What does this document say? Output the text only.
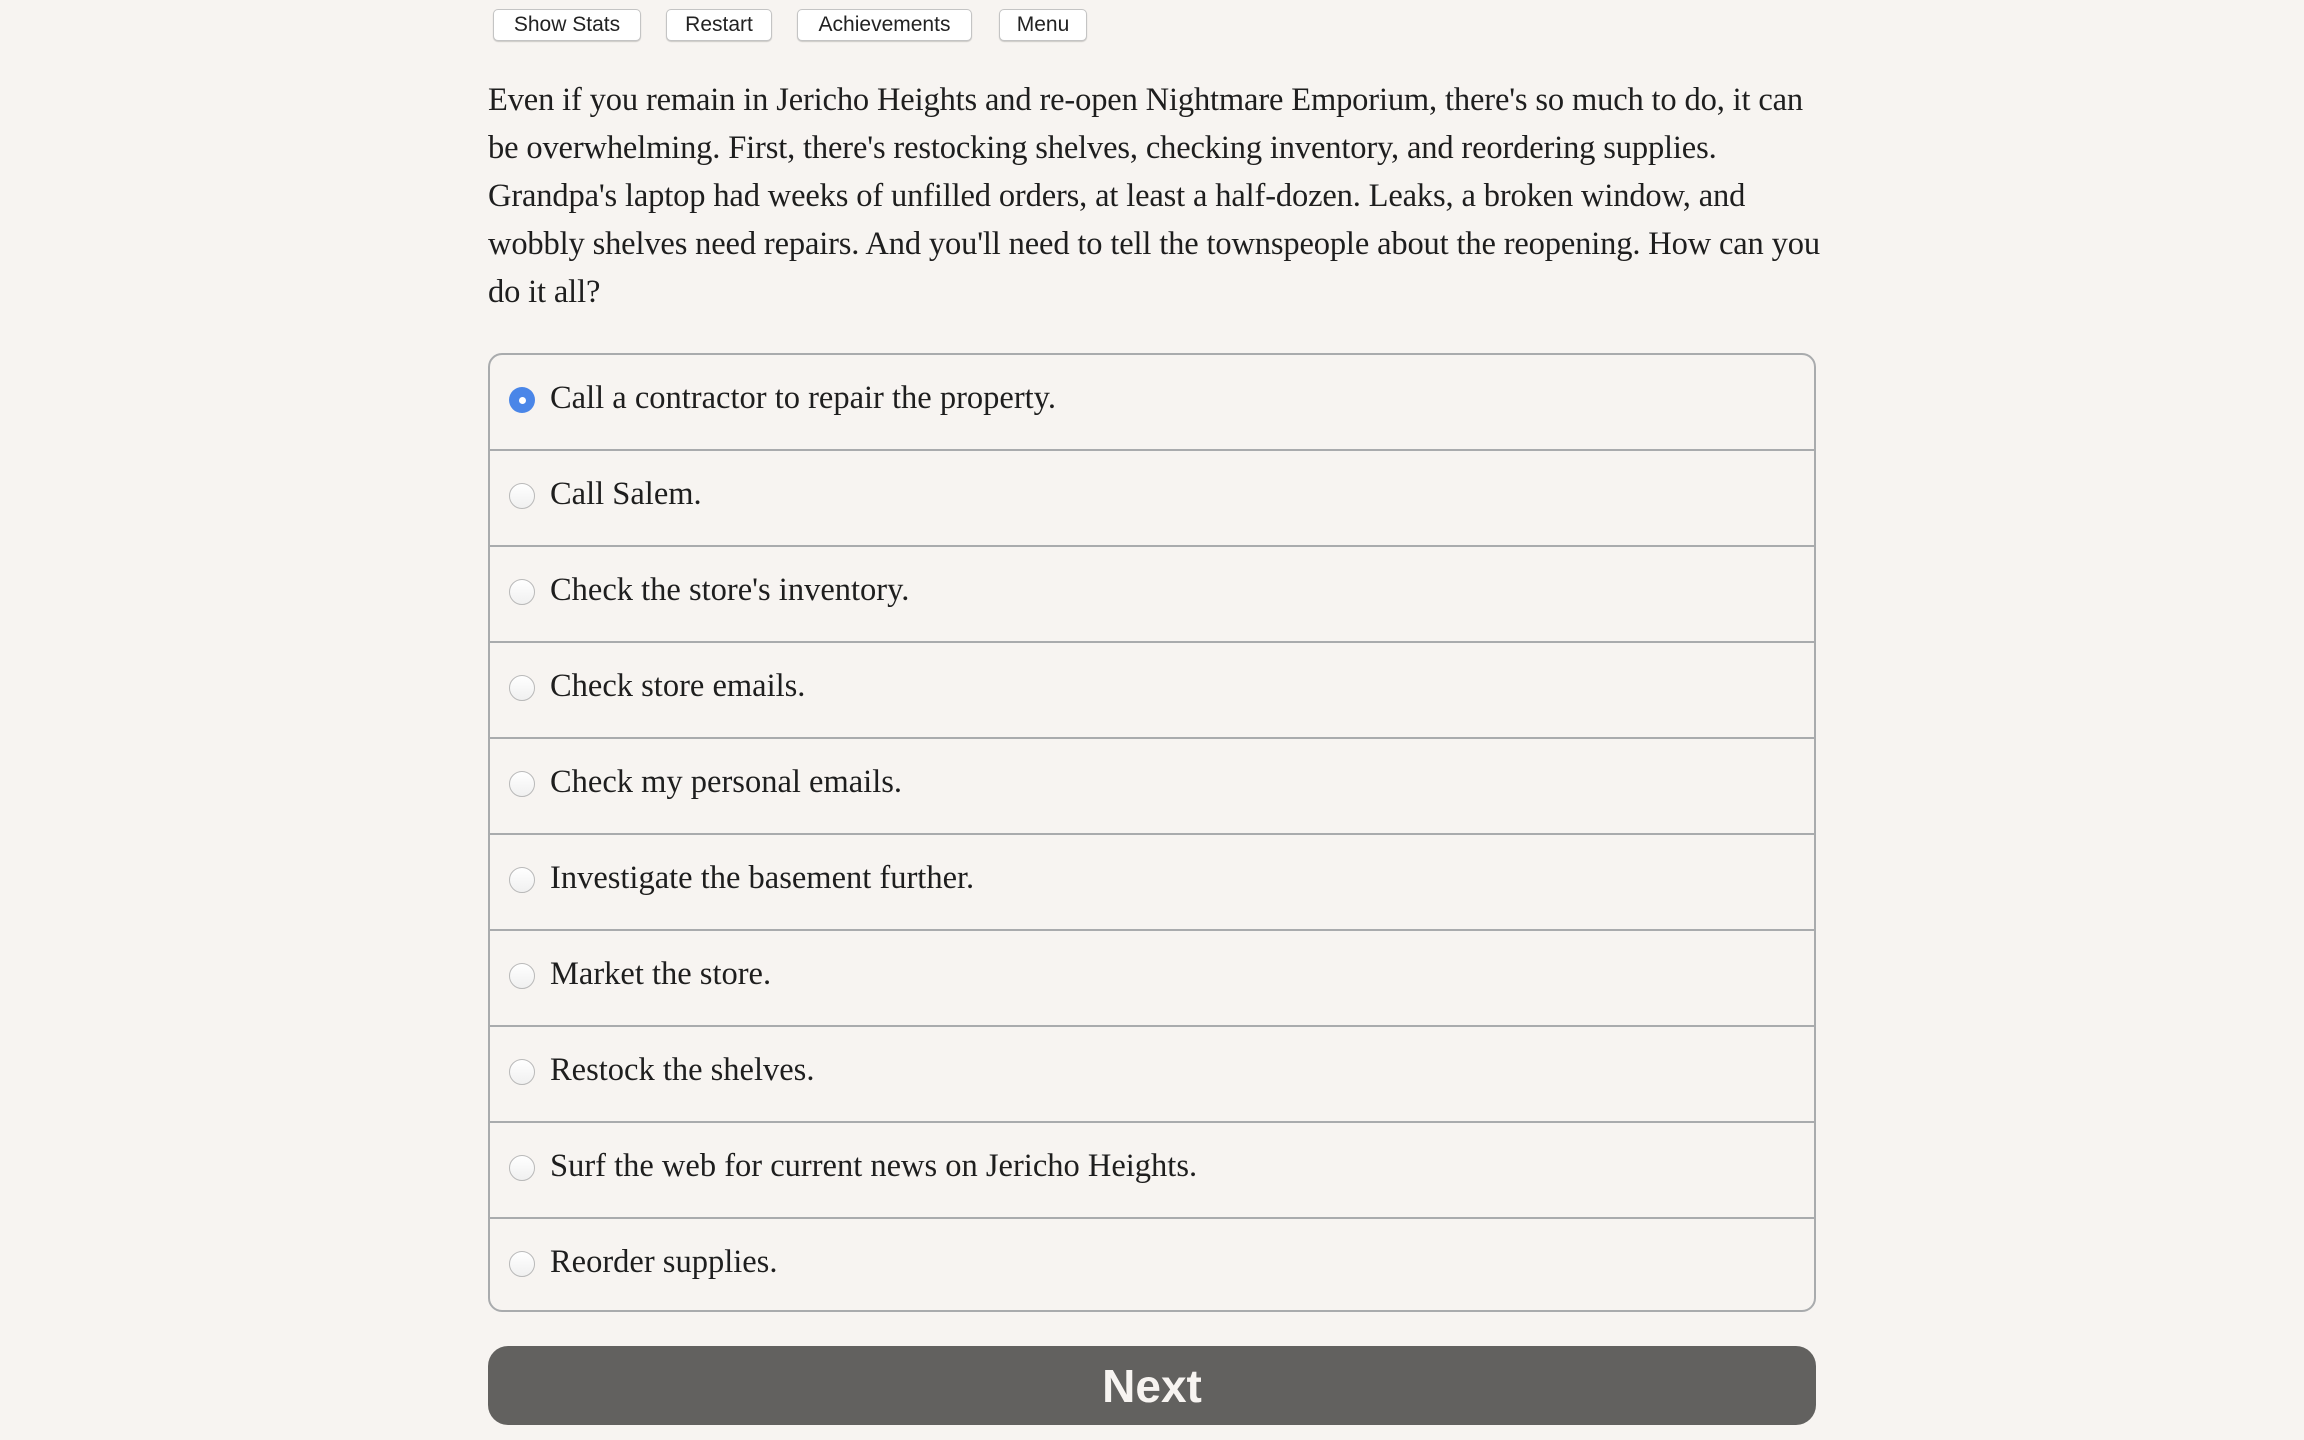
Show Stats	Restart	Achievements	Menu
Even if you remain in Jericho Heights and re-open Nightmare Emporium, there's so much to do, it can be overwhelming. First, there's restocking shelves, checking inventory, and reordering supplies. Grandpa's laptop had weeks of unfilled orders, at least a half-dozen. Leaks, a broken window, and wobbly shelves need repairs. And you'll need to tell the townspeople about the reopening. How can you do it all?
Call a contractor to repair the property.
Call Salem.
Check the store's inventory.
Check store emails.
Check my personal emails.
Investigate the basement further.
Market the store.
Restock the shelves.
Surf the web for current news on Jericho Heights.
Reorder supplies.
Next
